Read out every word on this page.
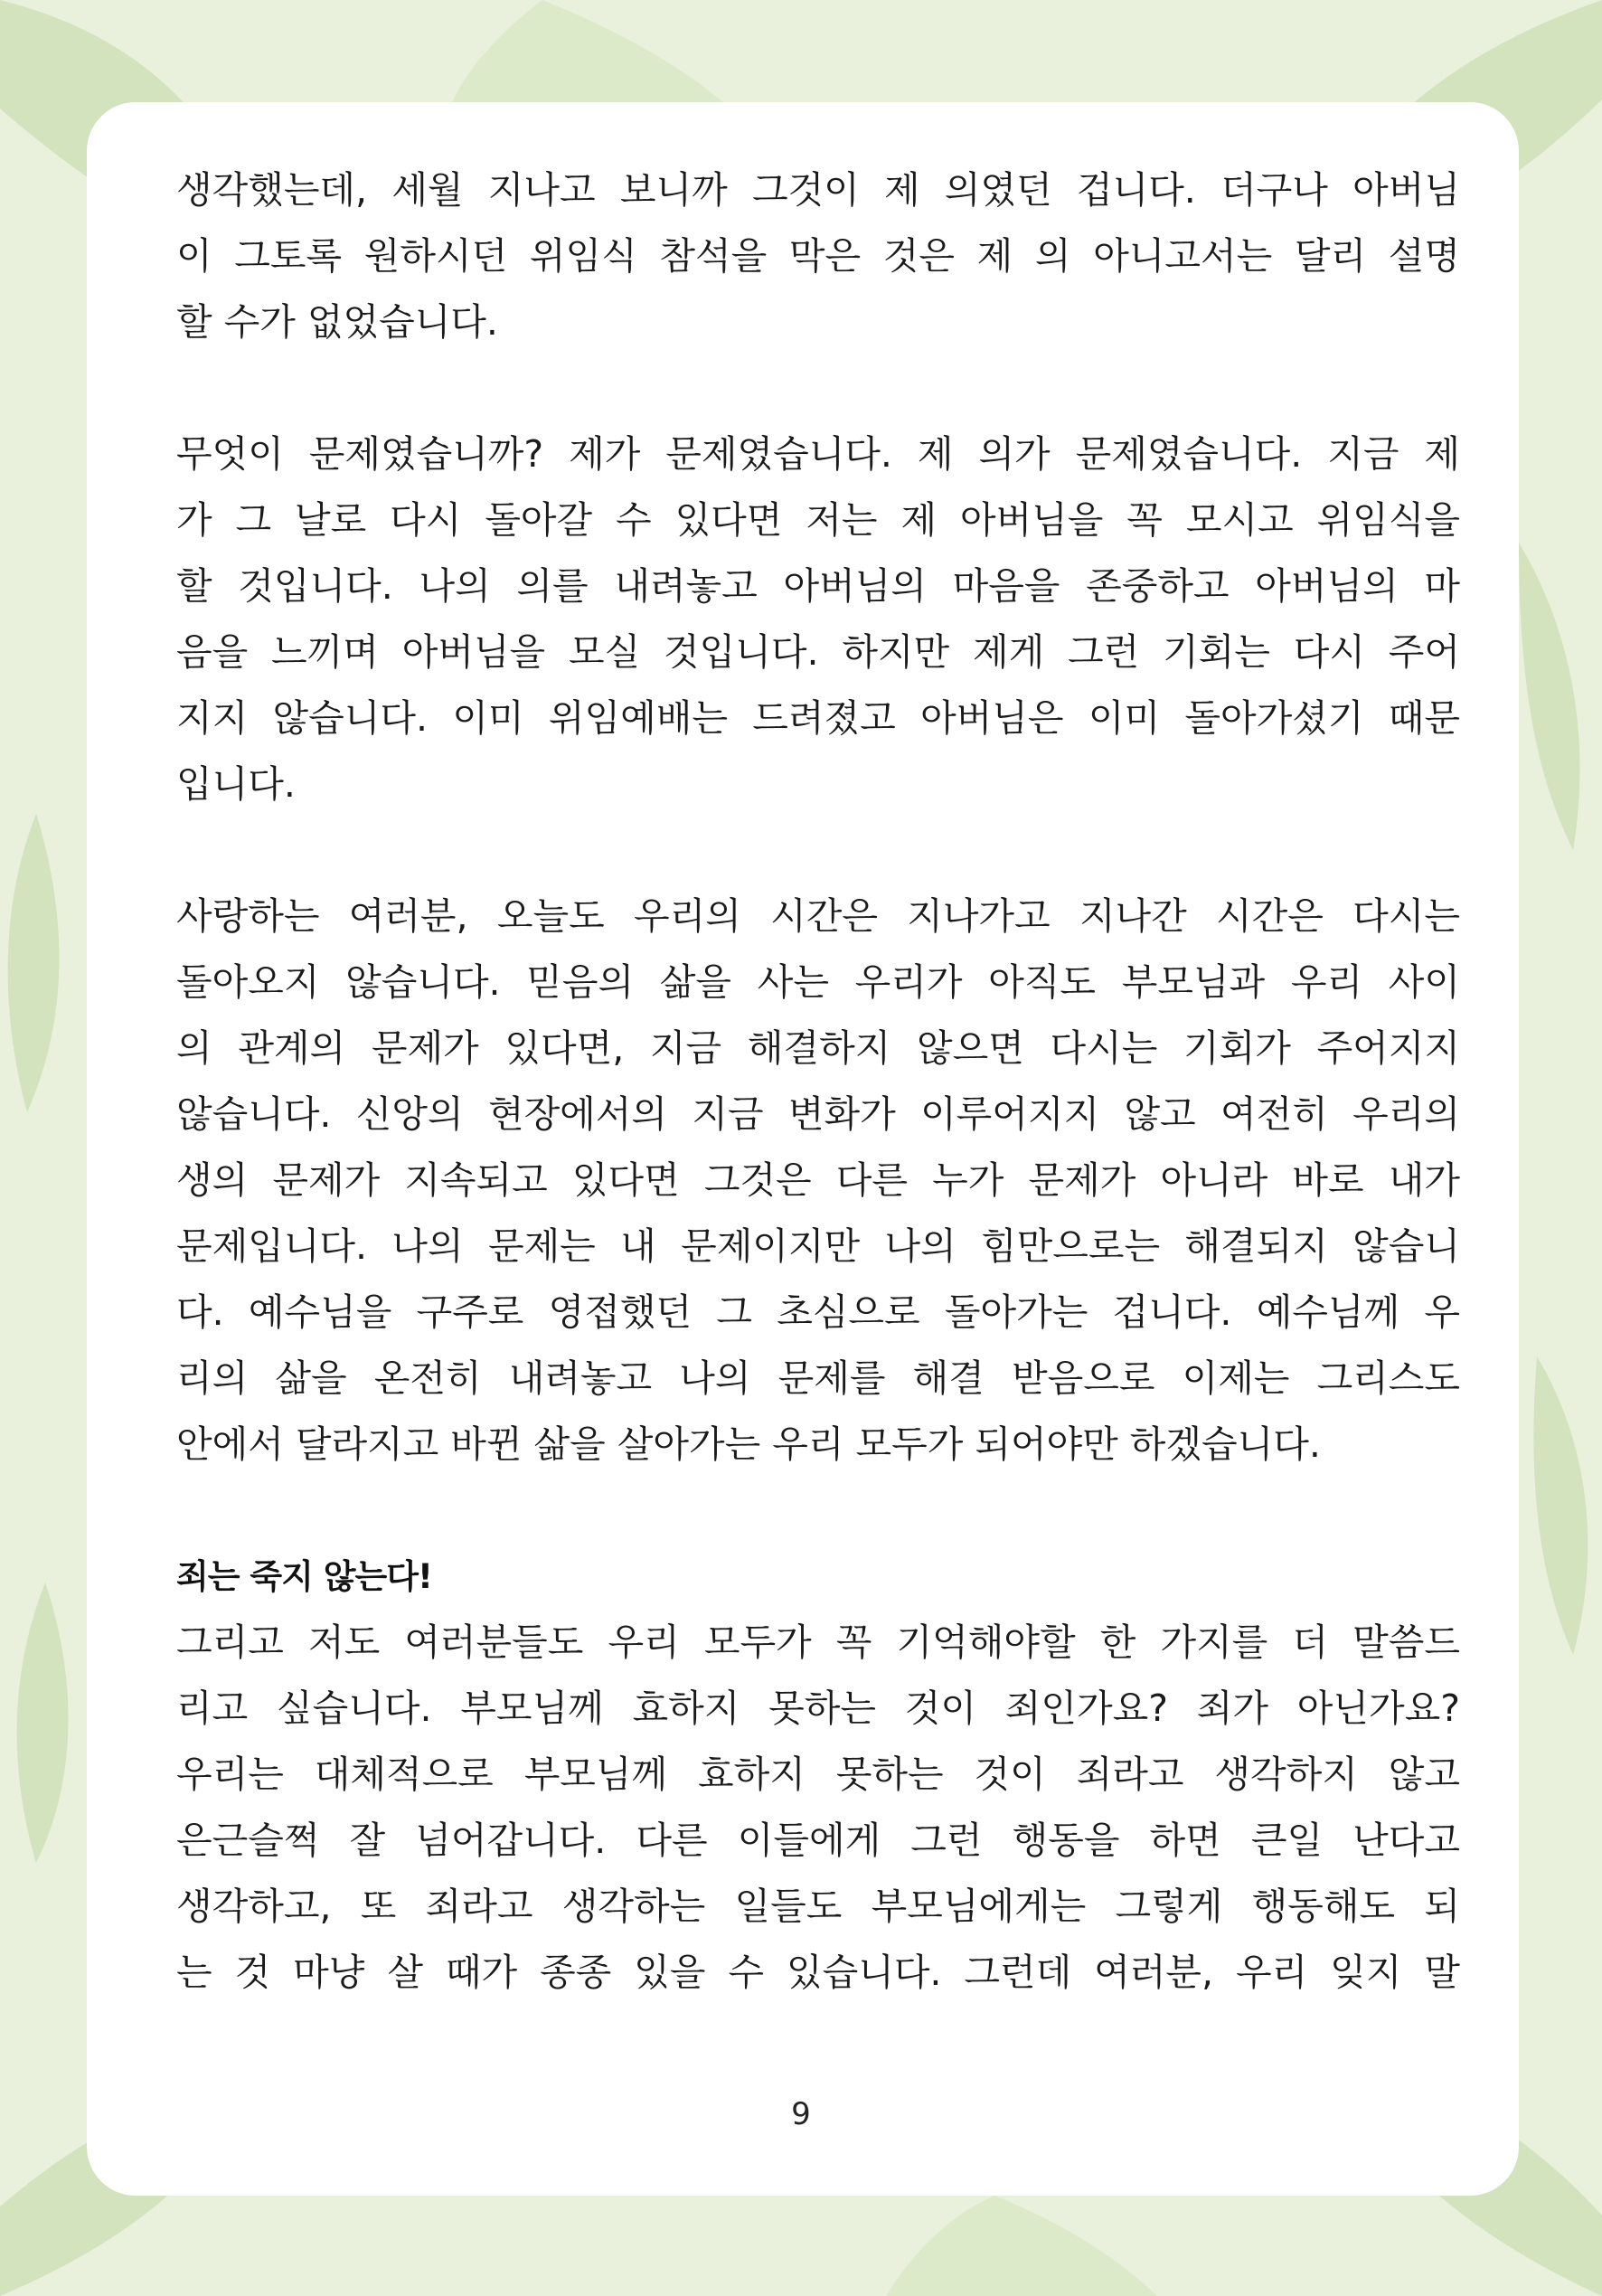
생각했는데, 세월 지나고 보니까 그것이 제 의였던 겁니다. 더구나 아버님
이 그토록 원하시던 위임식 참석을 막은 것은 제 의 아니고서는 달리 설명
할 수가 없었습니다.
무엇이 문제였습니까? 제가 문제였습니다. 제 의가 문제였습니다. 지금 제
가 그 날로 다시 돌아갈 수 있다면 저는 제 아버님을 꼭 모시고 위임식을
할 것입니다. 나의 의를 내려놓고 아버님의 마음을 존중하고 아버님의 마
음을 느끼며 아버님을 모실 것입니다. 하지만 제게 그런 기회는 다시 주어
지지 않습니다. 이미 위임예배는 드려졌고 아버님은 이미 돌아가셨기 때문
입니다.
사랑하는 여러분, 오늘도 우리의 시간은 지나가고 지나간 시간은 다시는
돌아오지 않습니다. 믿음의 삶을 사는 우리가 아직도 부모님과 우리 사이
의 관계의 문제가 있다면, 지금 해결하지 않으면 다시는 기회가 주어지지
않습니다. 신앙의 현장에서의 지금 변화가 이루어지지 않고 여전히 우리의
생의 문제가 지속되고 있다면 그것은 다른 누가 문제가 아니라 바로 내가
문제입니다. 나의 문제는 내 문제이지만 나의 힘만으로는 해결되지 않습니
다. 예수님을 구주로 영접했던 그 초심으로 돌아가는 겁니다. 예수님께 우
리의 삶을 온전히 내려놓고 나의 문제를 해결 받음으로 이제는 그리스도
안에서 달라지고 바뀐 삶을 살아가는 우리 모두가 되어야만 하겠습니다.
죄는 죽지 않는다!
그리고 저도 여러분들도 우리 모두가 꼭 기억해야할 한 가지를 더 말씀드
리고 싶습니다. 부모님께 효하지 못하는 것이 죄인가요? 죄가 아닌가요?
우리는 대체적으로 부모님께 효하지 못하는 것이 죄라고 생각하지 않고
은근슬쩍 잘 넘어갑니다. 다른 이들에게 그런 행동을 하면 큰일 난다고
생각하고, 또 죄라고 생각하는 일들도 부모님에게는 그렇게 행동해도 되
는 것 마냥 살 때가 종종 있을 수 있습니다. 그런데 여러분, 우리 잊지 말
9
